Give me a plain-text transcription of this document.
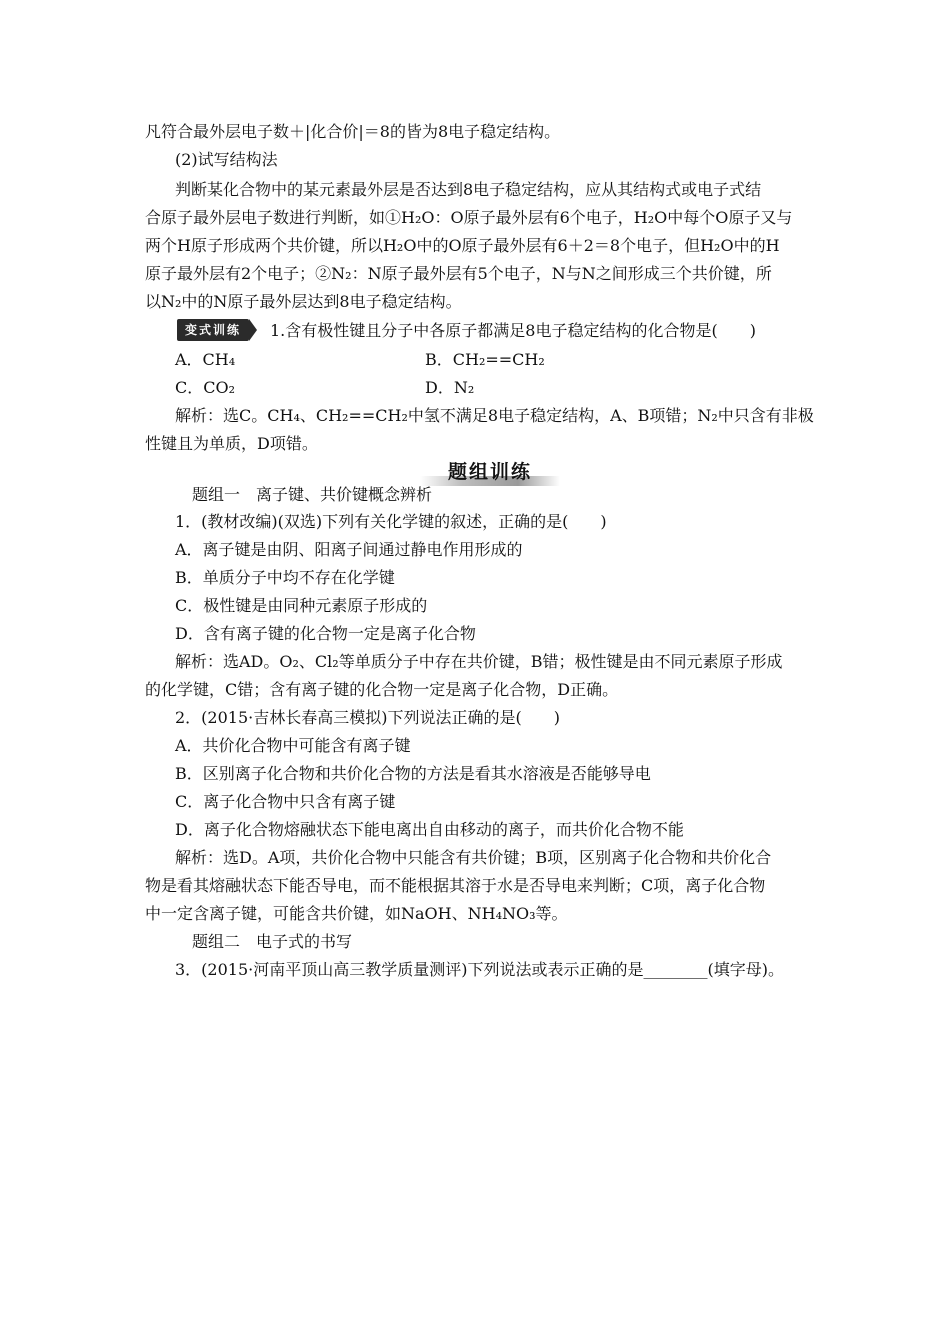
凡符合最外层电子数＋|化合价|＝8的皆为8电子稳定结构。
(2)试写结构法
判断某化合物中的某元素最外层是否达到8电子稳定结构，应从其结构式或电子式结
合原子最外层电子数进行判断，如①H₂O：O原子最外层有6个电子，H₂O中每个O原子又与
两个H原子形成两个共价键，所以H₂O中的O原子最外层有6＋2＝8个电子，但H₂O中的H
原子最外层有2个电子；②N₂：N原子最外层有5个电子，N与N之间形成三个共价键，所
以N₂中的N原子最外层达到8电子稳定结构。
变式训练	1.含有极性键且分子中各原子都满足8电子稳定结构的化合物是(　　)
A．CH₄	B．CH₂==CH₂
C．CO₂	D．N₂
解析：选C。CH₄、CH₂==CH₂中氢不满足8电子稳定结构，A、B项错；N₂中只含有非极
性键且为单质，D项错。
题组训练
题组一　离子键、共价键概念辨析
1．(教材改编)(双选)下列有关化学键的叙述，正确的是(　　)
A．离子键是由阴、阳离子间通过静电作用形成的
B．单质分子中均不存在化学键
C．极性键是由同种元素原子形成的
D．含有离子键的化合物一定是离子化合物
解析：选AD。O₂、Cl₂等单质分子中存在共价键，B错；极性键是由不同元素原子形成
的化学键，C错；含有离子键的化合物一定是离子化合物，D正确。
2．(2015·吉林长春高三模拟)下列说法正确的是(　　)
A．共价化合物中可能含有离子键
B．区别离子化合物和共价化合物的方法是看其水溶液是否能够导电
C．离子化合物中只含有离子键
D．离子化合物熔融状态下能电离出自由移动的离子，而共价化合物不能
解析：选D。A项，共价化合物中只能含有共价键；B项，区别离子化合物和共价化合
物是看其熔融状态下能否导电，而不能根据其溶于水是否导电来判断；C项，离子化合物
中一定含离子键，可能含共价键，如NaOH、NH₄NO₃等。
题组二　电子式的书写
3．(2015·河南平顶山高三教学质量测评)下列说法或表示正确的是________(填字母)。
